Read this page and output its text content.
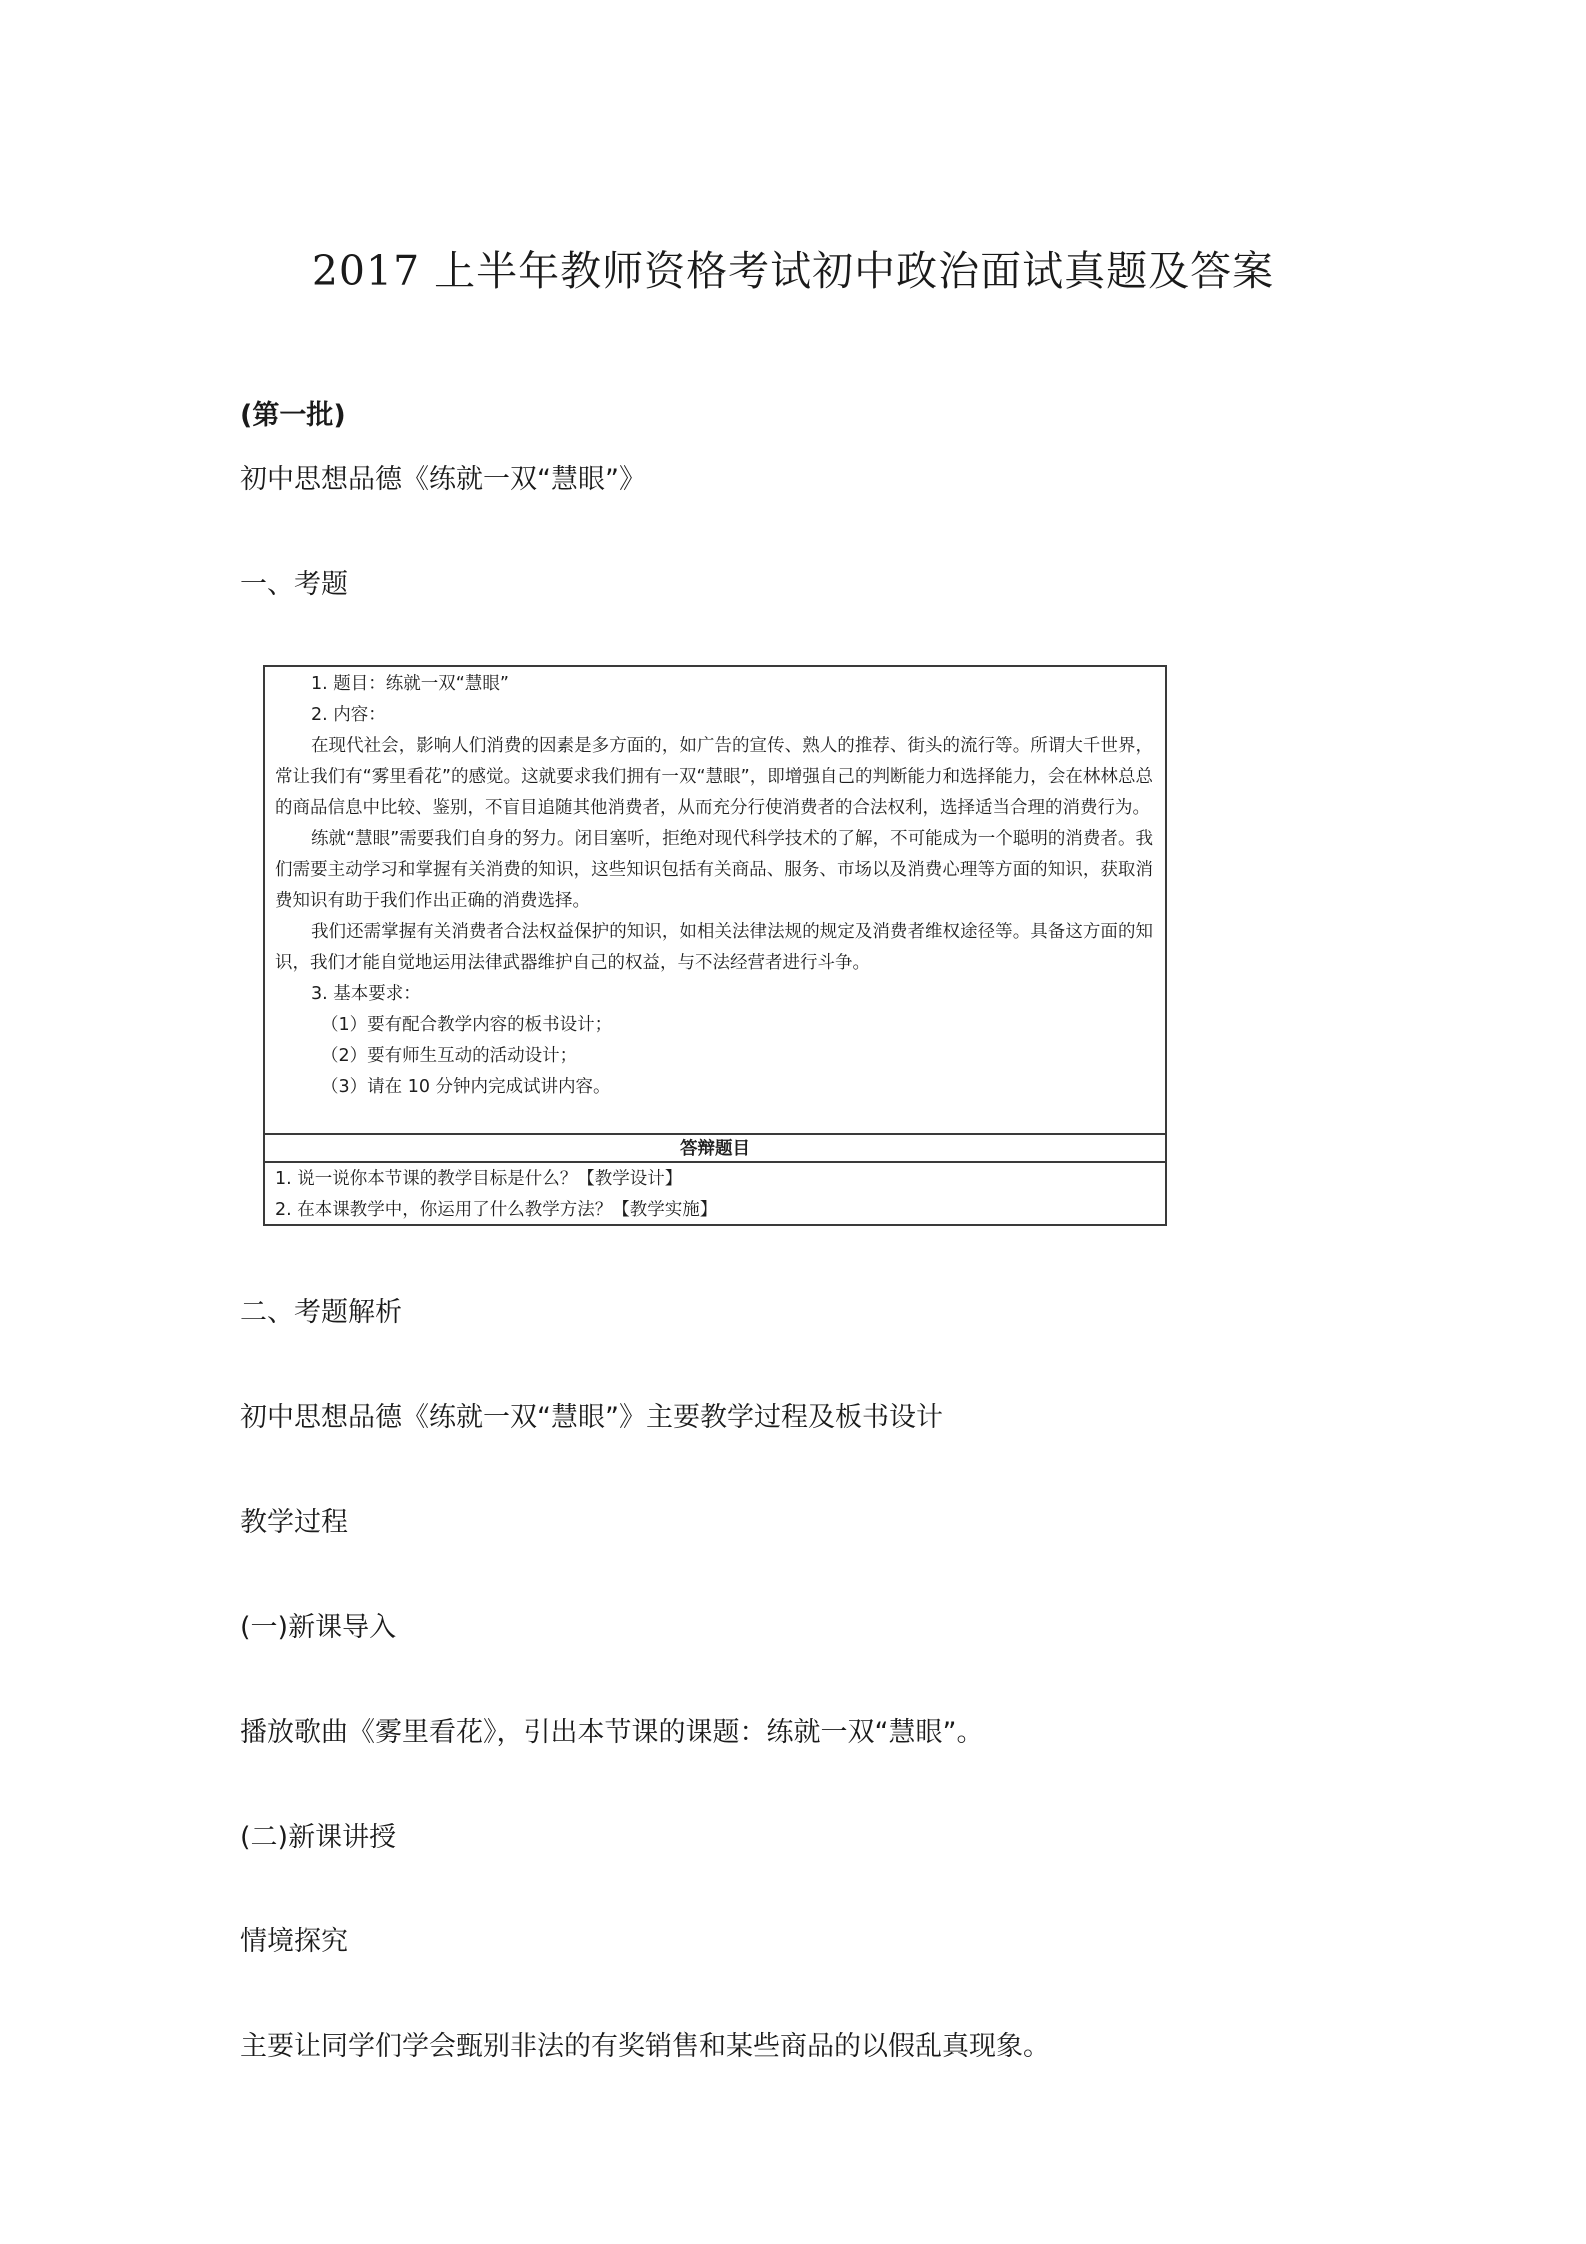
2017 上半年教师资格考试初中政治面试真题及答案
(第一批)
初中思想品德《练就一双“慧眼”》
一、考题
1. 题目：练就一双“慧眼”
2. 内容：
在现代社会，影响人们消费的因素是多方面的，如广告的宣传、熟人的推荐、街头的流行等。所谓大千世界，常让我们有“雾里看花”的感觉。这就要求我们拥有一双“慧眼”，即增强自己的判断能力和选择能力，会在林林总总的商品信息中比较、鉴别，不盲目追随其他消费者，从而充分行使消费者的合法权利，选择适当合理的消费行为。
练就“慧眼”需要我们自身的努力。闭目塞听，拒绝对现代科学技术的了解，不可能成为一个聪明的消费者。我们需要主动学习和掌握有关消费的知识，这些知识包括有关商品、服务、市场以及消费心理等方面的知识，获取消费知识有助于我们作出正确的消费选择。
我们还需掌握有关消费者合法权益保护的知识，如相关法律法规的规定及消费者维权途径等。具备这方面的知识，我们才能自觉地运用法律武器维护自己的权益，与不法经营者进行斗争。
3. 基本要求：
（1）要有配合教学内容的板书设计；
（2）要有师生互动的活动设计；
（3）请在 10 分钟内完成试讲内容。
答辩题目
1. 说一说你本节课的教学目标是什么？【教学设计】
2. 在本课教学中，你运用了什么教学方法？【教学实施】
二、考题解析
初中思想品德《练就一双“慧眼”》主要教学过程及板书设计
教学过程
(一)新课导入
播放歌曲《雾里看花》，引出本节课的课题：练就一双“慧眼”。
(二)新课讲授
情境探究
主要让同学们学会甄别非法的有奖销售和某些商品的以假乱真现象。
